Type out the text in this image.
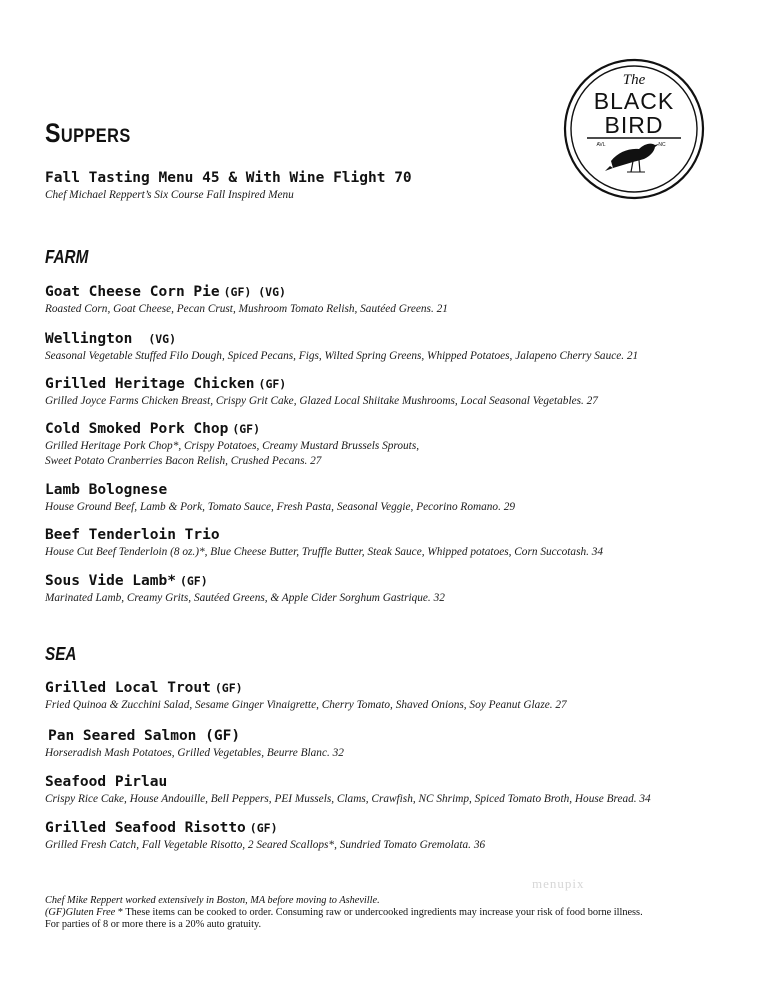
The
BLACK
BIRD
AVL	NC
Suppers
Fall Tasting Menu 45 & With Wine Flight 70
Chef Michael Reppert’s Six Course Fall Inspired Menu
FARM
Goat Cheese Corn Pie (GF) (VG)
Roasted Corn, Goat Cheese, Pecan Crust, Mushroom Tomato Relish, Sautéed Greens. 21
Wellington (VG)
Seasonal Vegetable Stuffed Filo Dough, Spiced Pecans, Figs, Wilted Spring Greens, Whipped Potatoes, Jalapeno Cherry Sauce. 21
Grilled Heritage Chicken (GF)
Grilled Joyce Farms Chicken Breast, Crispy Grit Cake, Glazed Local Shiitake Mushrooms, Local Seasonal Vegetables. 27
Cold Smoked Pork Chop (GF)
Grilled Heritage Pork Chop*, Crispy Potatoes, Creamy Mustard Brussels Sprouts,
Sweet Potato Cranberries Bacon Relish, Crushed Pecans. 27
Lamb Bolognese
House Ground Beef, Lamb & Pork, Tomato Sauce, Fresh Pasta, Seasonal Veggie, Pecorino Romano. 29
Beef Tenderloin Trio
House Cut Beef Tenderloin (8 oz.)*, Blue Cheese Butter, Truffle Butter, Steak Sauce, Whipped potatoes, Corn Succotash. 34
Sous Vide Lamb* (GF)
Marinated Lamb, Creamy Grits, Sautéed Greens, & Apple Cider Sorghum Gastrique. 32
SEA
Grilled Local Trout (GF)
Fried Quinoa & Zucchini Salad, Sesame Ginger Vinaigrette, Cherry Tomato, Shaved Onions, Soy Peanut Glaze. 27
Pan Seared Salmon (GF)
Horseradish Mash Potatoes, Grilled Vegetables, Beurre Blanc. 32
Seafood Pirlau
Crispy Rice Cake, House Andouille, Bell Peppers, PEI Mussels, Clams, Crawfish, NC Shrimp, Spiced Tomato Broth, House Bread. 34
Grilled Seafood Risotto (GF)
Grilled Fresh Catch, Fall Vegetable Risotto, 2 Seared Scallops*, Sundried Tomato Gremolata. 36
menupix
Chef Mike Reppert worked extensively in Boston, MA before moving to Asheville.
(GF)Gluten Free * These items can be cooked to order. Consuming raw or undercooked ingredients may increase your risk of food borne illness.
For parties of 8 or more there is a 20% auto gratuity.
